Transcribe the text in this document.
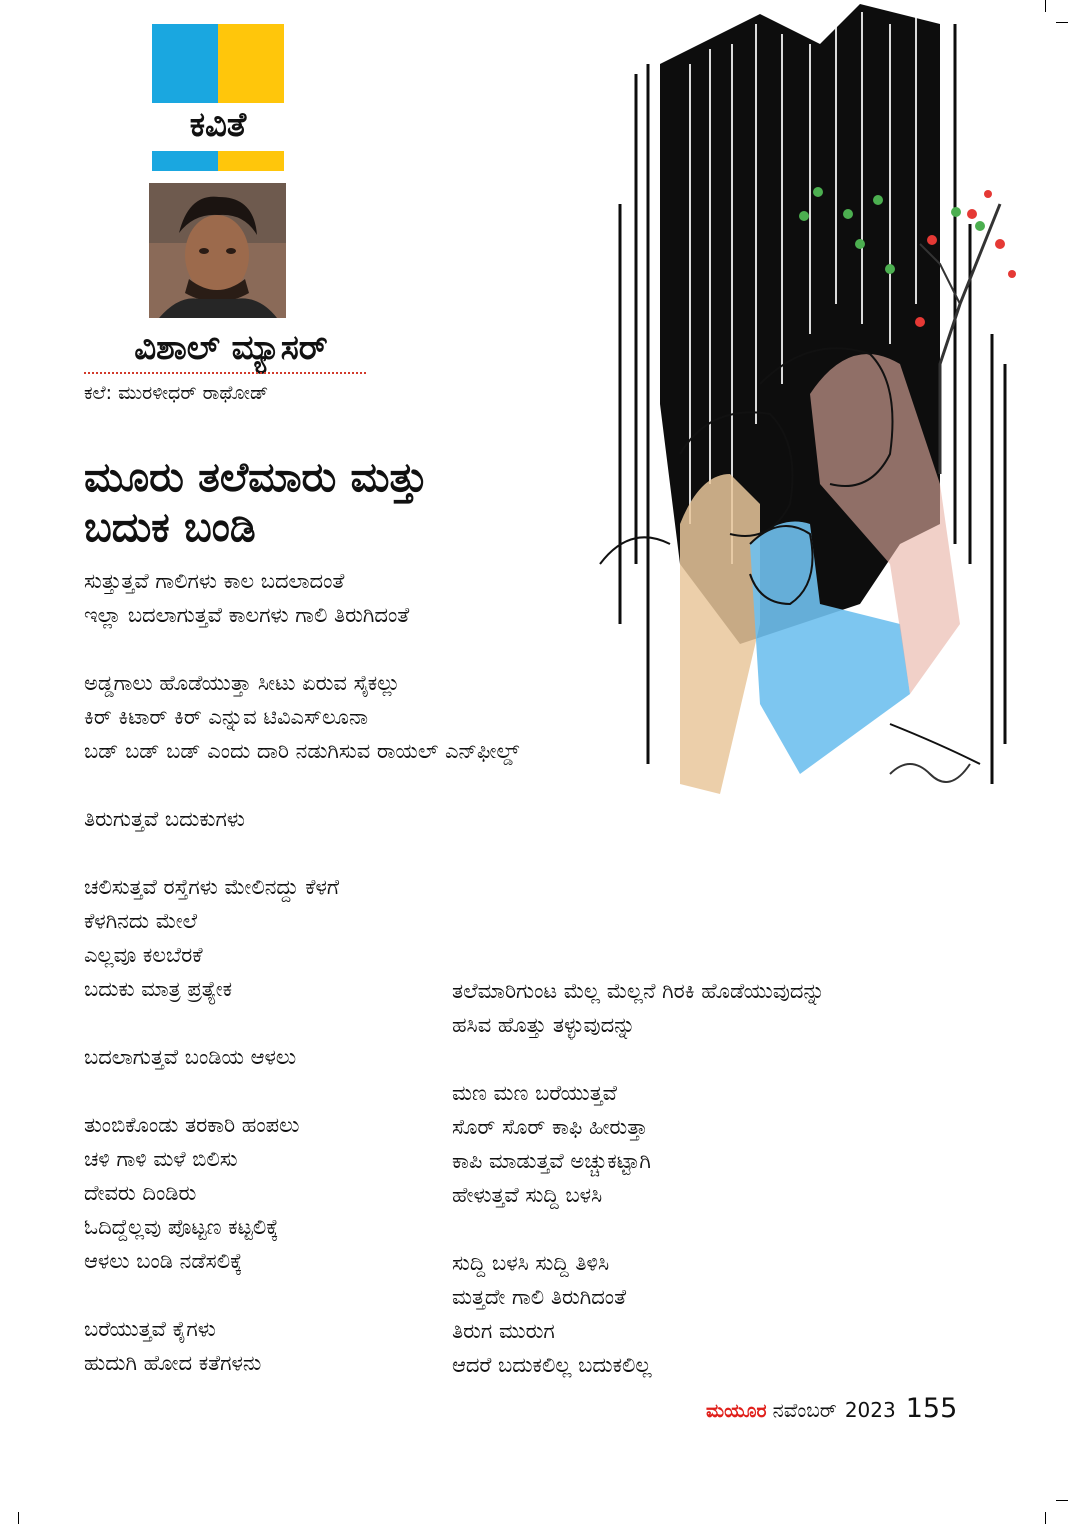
ಕವಿತೆ
ವಿಶಾಲ್ ಮ್ಯಾಸರ್
ಕಲೆ: ಮುರಳೀಧರ್ ರಾಥೋಡ್
ಮೂರು ತಲೆಮಾರು ಮತ್ತು
ಬದುಕ ಬಂಡಿ
ಸುತ್ತುತ್ತವೆ ಗಾಲಿಗಳು ಕಾಲ ಬದಲಾದಂತೆ
ಇಲ್ಲಾ ಬದಲಾಗುತ್ತವೆ ಕಾಲಗಳು ಗಾಲಿ ತಿರುಗಿದಂತೆ
ಅಡ್ಡಗಾಲು ಹೊಡೆಯುತ್ತಾ ಸೀಟು ಏರುವ ಸೈಕಲ್ಲು
ಕಿರ್ ಕಿಟಾರ್ ಕಿರ್ ಎನ್ನುವ ಟಿವಿಎಸ್‌ಲೂನಾ
ಬಡ್ ಬಡ್ ಬಡ್ ಎಂದು ದಾರಿ ನಡುಗಿಸುವ ರಾಯಲ್ ಎನ್‌ಫೀಲ್ಡ್
ತಿರುಗುತ್ತವೆ ಬದುಕುಗಳು
ಚಲಿಸುತ್ತವೆ ರಸ್ತೆಗಳು ಮೇಲಿನದ್ದು ಕೆಳಗೆ
ಕೆಳಗಿನದು ಮೇಲೆ
ಎಲ್ಲವೂ ಕಲಬೆರಕೆ
ಬದುಕು ಮಾತ್ರ ಪ್ರತ್ಯೇಕ
ಬದಲಾಗುತ್ತವೆ ಬಂಡಿಯ ಆಳಲು
ತುಂಬಿಕೊಂಡು ತರಕಾರಿ ಹಂಪಲು
ಚಳಿ ಗಾಳಿ ಮಳೆ ಬಿಲಿಸು
ದೇವರು ದಿಂಡಿರು
ಓದಿದ್ದೆಲ್ಲವು ಪೊಟ್ಟಣ ಕಟ್ಟಲಿಕ್ಕೆ
ಆಳಲು ಬಂಡಿ ನಡೆಸಲಿಕ್ಕೆ
ಬರೆಯುತ್ತವೆ ಕೈಗಳು
ಹುದುಗಿ ಹೋದ ಕತೆಗಳನು
ತಲೆಮಾರಿಗುಂಟ ಮೆಲ್ಲ ಮೆಲ್ಲನೆ ಗಿರಕಿ ಹೊಡೆಯುವುದನ್ನು
ಹಸಿವ ಹೊತ್ತು ತಳ್ಳುವುದನ್ನು
ಮಣ ಮಣ ಬರೆಯುತ್ತವೆ
ಸೊರ್ ಸೊರ್ ಕಾಫಿ ಹೀರುತ್ತಾ
ಕಾಪಿ ಮಾಡುತ್ತವೆ ಅಚ್ಚುಕಟ್ಟಾಗಿ
ಹೇಳುತ್ತವೆ ಸುದ್ದಿ ಬಳಸಿ
ಸುದ್ದಿ ಬಳಸಿ ಸುದ್ದಿ ತಿಳಿಸಿ
ಮತ್ತದೇ ಗಾಲಿ ತಿರುಗಿದಂತೆ
ತಿರುಗ ಮುರುಗ
ಆದರೆ ಬದುಕಲಿಲ್ಲ ಬದುಕಲಿಲ್ಲ
ಮಯೂರ ನವೆಂಬರ್ 2023 155
